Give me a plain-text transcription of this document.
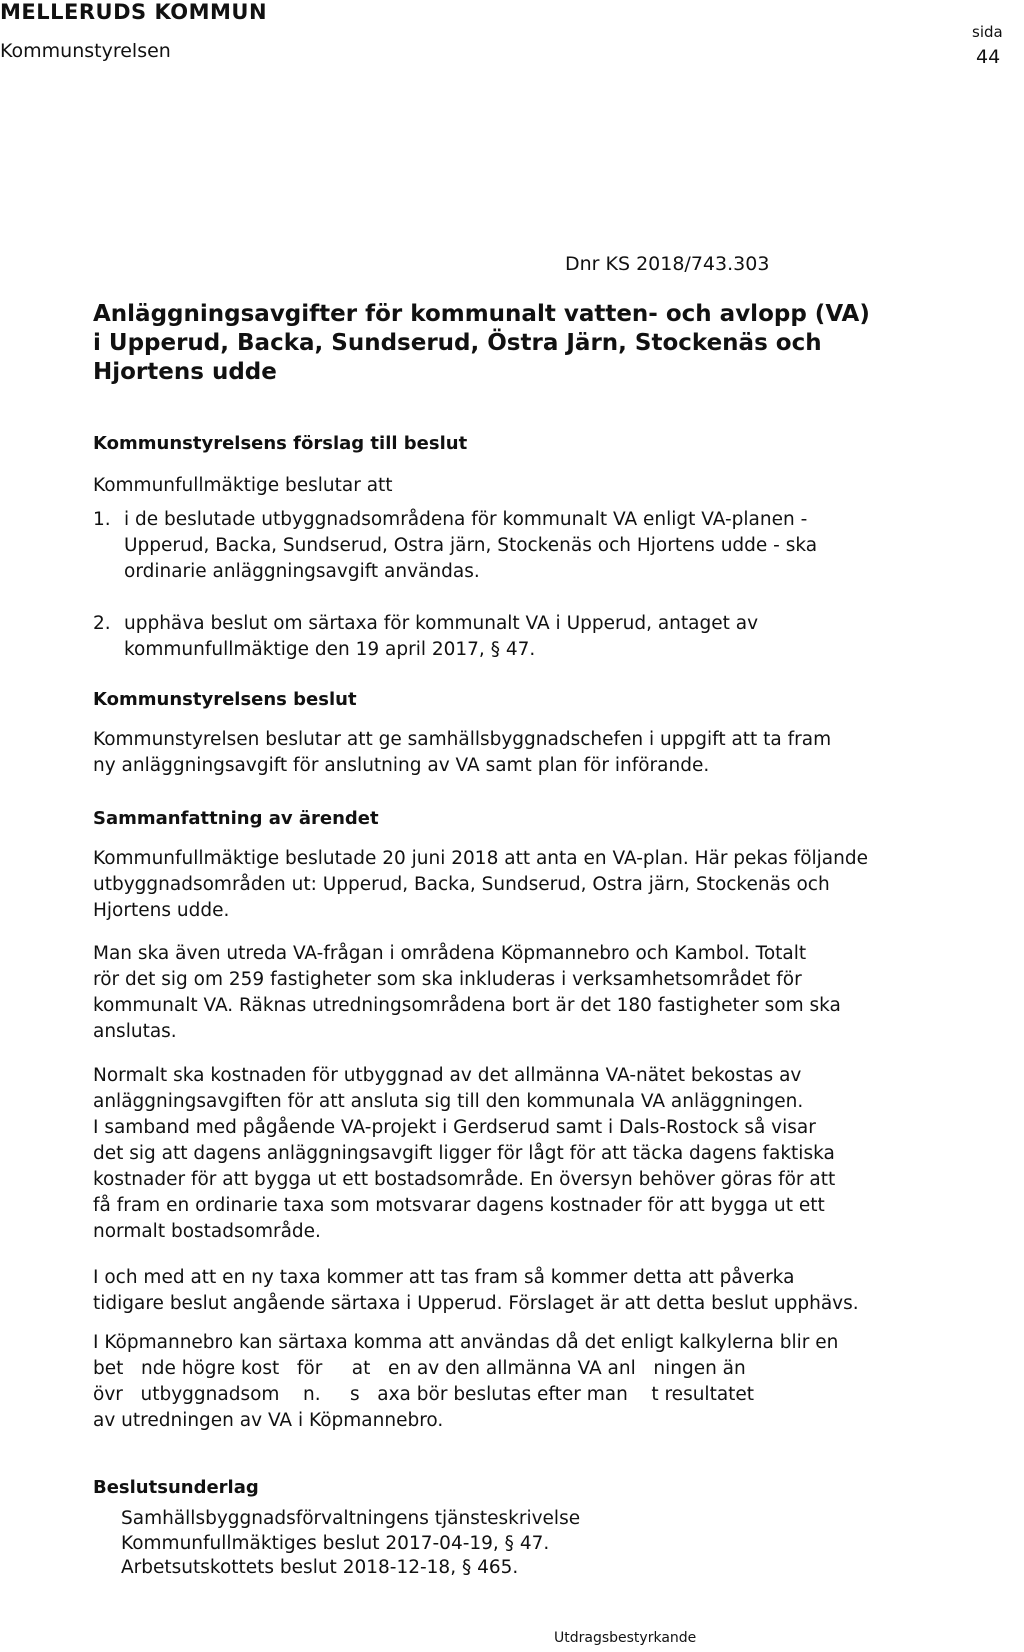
MELLERUDS KOMMUN
Kommunstyrelsen
sida
44
Dnr KS 2018/743.303
Anläggningsavgifter för kommunalt vatten- och avlopp (VA)
i Upperud, Backa, Sundserud, Östra Järn, Stockenäs och
Hjortens udde
Kommunstyrelsens förslag till beslut
Kommunfullmäktige beslutar att
1. i de beslutade utbyggnadsområdena för kommunalt VA enligt VA-planen -
Upperud, Backa, Sundserud, Ostra järn, Stockenäs och Hjortens udde - ska
ordinarie anläggningsavgift användas.
2. upphäva beslut om särtaxa för kommunalt VA i Upperud, antaget av
kommunfullmäktige den 19 april 2017, § 47.
Kommunstyrelsens beslut
Kommunstyrelsen beslutar att ge samhällsbyggnadschefen i uppgift att ta fram
ny anläggningsavgift för anslutning av VA samt plan för införande.
Sammanfattning av ärendet
Kommunfullmäktige beslutade 20 juni 2018 att anta en VA-plan. Här pekas följande
utbyggnadsområden ut: Upperud, Backa, Sundserud, Ostra järn, Stockenäs och
Hjortens udde.
Man ska även utreda VA-frågan i områdena Köpmannebro och Kambol. Totalt
rör det sig om 259 fastigheter som ska inkluderas i verksamhetsområdet för
kommunalt VA. Räknas utredningsområdena bort är det 180 fastigheter som ska
anslutas.
Normalt ska kostnaden för utbyggnad av det allmänna VA-nätet bekostas av
anläggningsavgiften för att ansluta sig till den kommunala VA anläggningen.
I samband med pågående VA-projekt i Gerdserud samt i Dals-Rostock så visar
det sig att dagens anläggningsavgift ligger för lågt för att täcka dagens faktiska
kostnader för att bygga ut ett bostadsområde. En översyn behöver göras för att
få fram en ordinarie taxa som motsvarar dagens kostnader för att bygga ut ett
normalt bostadsområde.
I och med att en ny taxa kommer att tas fram så kommer detta att påverka
tidigare beslut angående särtaxa i Upperud. Förslaget är att detta beslut upphävs.
I Köpmannebro kan särtaxa komma att användas då det enligt kalkylerna blir en
bet   nde högre kost   för     at   en av den allmänna VA anl   ningen än
övr   utbyggnadsom    n.     s   axa bör beslutas efter man    t resultatet
av utredningen av VA i Köpmannebro.
Beslutsunderlag
Samhällsbyggnadsförvaltningens tjänsteskrivelse
Kommunfullmäktiges beslut 2017-04-19, § 47.
Arbetsutskottets beslut 2018-12-18, § 465.
Utdragsbestyrkande
